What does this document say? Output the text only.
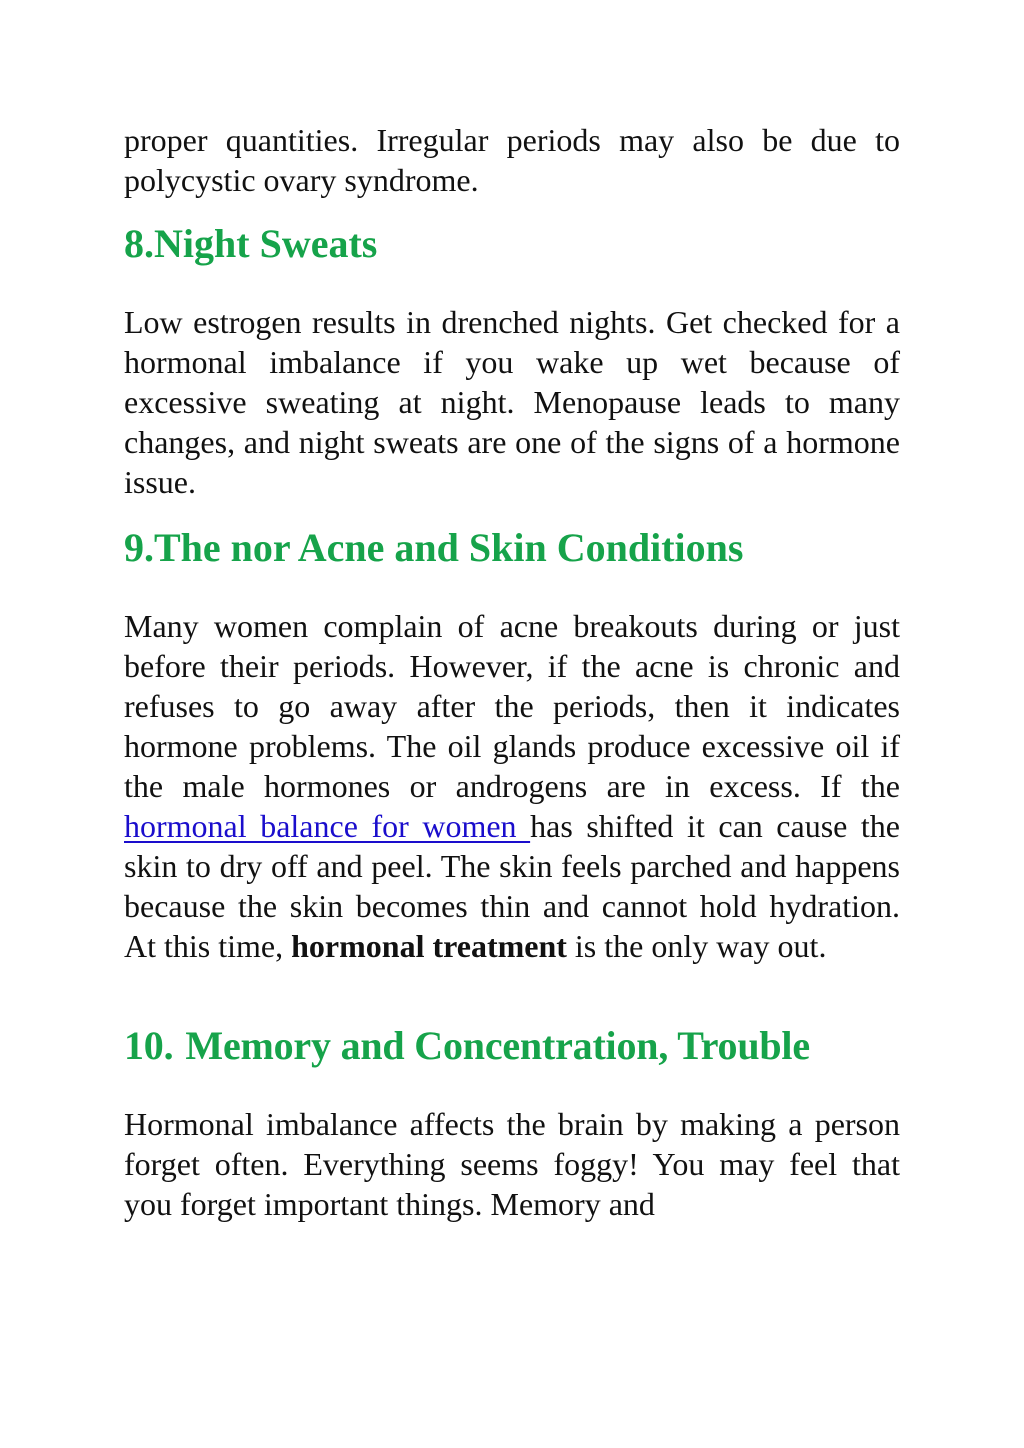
proper quantities. Irregular periods may also be due to polycystic ovary syndrome.

8.Night Sweats

Low estrogen results in drenched nights. Get checked for a hormonal imbalance if you wake up wet because of excessive sweating at night. Menopause leads to many changes, and night sweats are one of the signs of a hormone issue.

9.The nor Acne and Skin Conditions

Many women complain of acne breakouts during or just before their periods. However, if the acne is chronic and refuses to go away after the periods, then it indicates hormone problems. The oil glands produce excessive oil if the male hormones or androgens are in excess. If the hormonal balance for women has shifted it can cause the skin to dry off and peel. The skin feels parched and happens because the skin becomes thin and cannot hold hydration. At this time, hormonal treatment is the only way out.

10. Memory and Concentration, Trouble

Hormonal imbalance affects the brain by making a person forget often. Everything seems foggy! You may feel that you forget important things. Memory and
